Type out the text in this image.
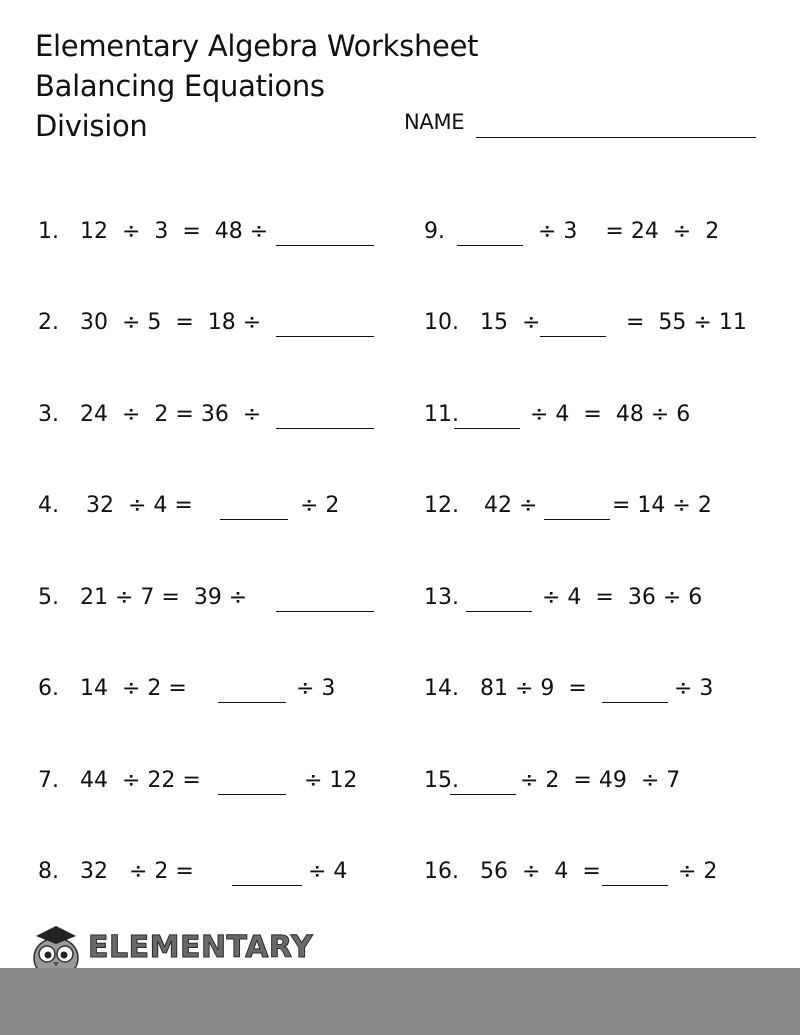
Elementary Algebra Worksheet
Balancing Equations
Division	NAME
1. 12  ÷  3  =  48 ÷
2. 30  ÷ 5  =  18 ÷
3. 24  ÷  2 = 36  ÷
4. 32  ÷ 4 =	÷ 2
5. 21 ÷ 7 =  39 ÷
6. 14  ÷ 2 =	÷ 3
7. 44  ÷ 22 =	÷ 12
8. 32   ÷ 2 =	÷ 4
9.	÷ 3    = 24  ÷  2
10. 15  ÷	=  55 ÷ 11
11.	÷ 4  =  48 ÷ 6
12. 42 ÷	= 14 ÷ 2
13.	÷ 4  =  36 ÷ 6
14. 81 ÷ 9  =	÷ 3
15.	÷ 2  = 49  ÷ 7
16. 56  ÷  4  =	÷ 2
ELEMENTARY
